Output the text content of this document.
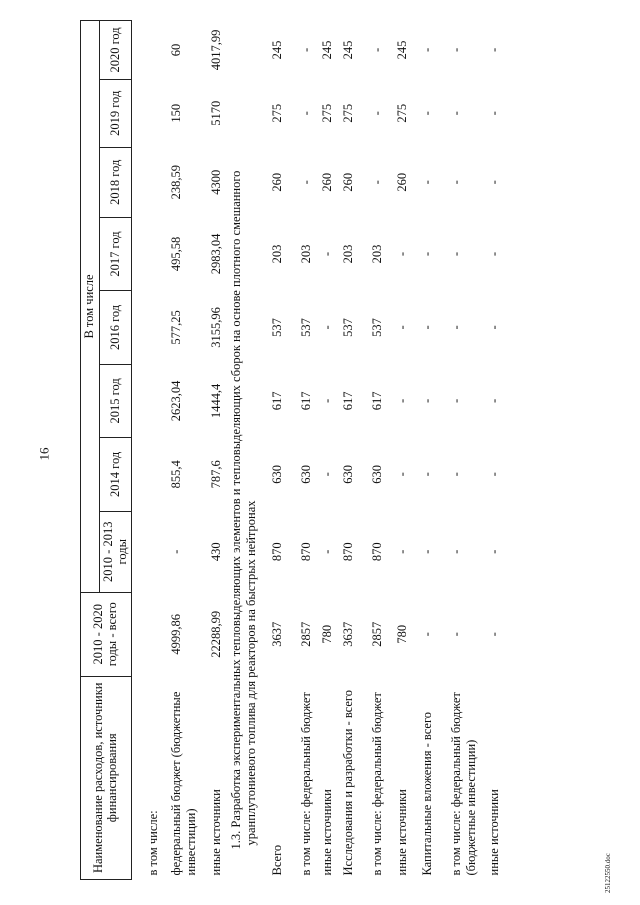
16
25122550.doc
Наименование расходов, источники финансирования	2010 - 2020 годы - всего	В том числе							
		2010 - 2013 годы	2014 год	2015 год	2016 год	2017 год	2018 год	2019 год	2020 год
в том числе:									
федеральный бюджет (бюджетные инвестиции)	4999,86	-	855,4	2623,04	577,25	495,58	238,59	150	60
иные источники	22288,99	430	787,6	1444,4	3155,96	2983,04	4300	5170	4017,99

1.3. Разработка экспериментальных тепловыделяющих элементов и тепловыделяющих сборок на основе плотного смешанного уранплутониевого топлива для реакторов на быстрых нейтронах									

Всего	3637	870	630	617	537	203	260	275	245
в том числе: федеральный бюджет	2857	870	630	617	537	203	-	-	-
иные источники	780	-	-	-	-	-	260	275	245
Исследования и разработки - всего	3637	870	630	617	537	203	260	275	245
в том числе: федеральный бюджет	2857	870	630	617	537	203	-	-	-
иные источники	780	-	-	-	-	-	260	275	245
Капитальные вложения - всего	-	-	-	-	-	-	-	-	-
в том числе: федеральный бюджет (бюджетные инвестиции)	-	-	-	-	-	-	-	-	-
иные источники	-	-	-	-	-	-	-	-	-
